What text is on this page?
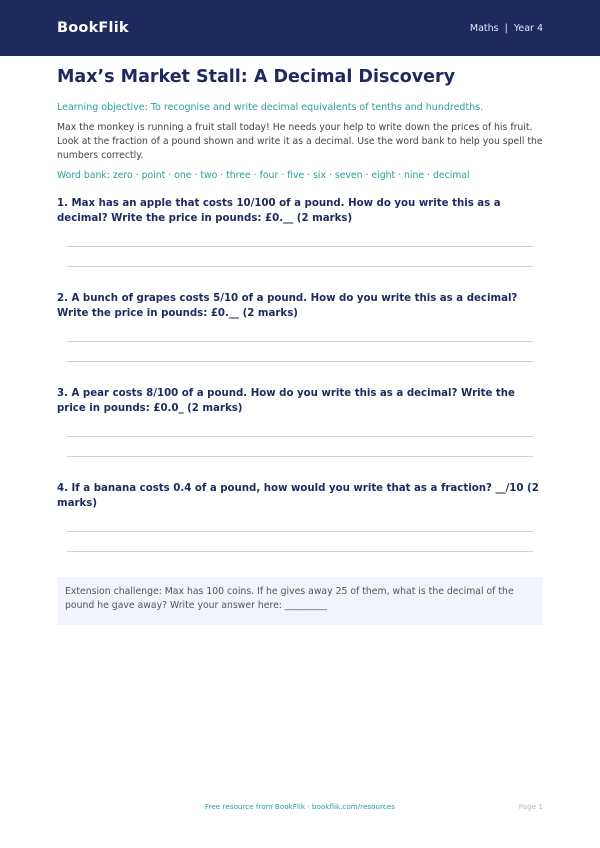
BookFlik	Maths | Year 4
Max’s Market Stall: A Decimal Discovery

Learning objective: To recognise and write decimal equivalents of tenths and hundredths.

Max the monkey is running a fruit stall today! He needs your help to write down the prices of his fruit. Look at the fraction of a pound shown and write it as a decimal. Use the word bank to help you spell the numbers correctly.

Word bank: zero · point · one · two · three · four · five · six · seven · eight · nine · decimal

1. Max has an apple that costs 10/100 of a pound. How do you write this as a decimal? Write the price in pounds: £0.__ (2 marks)

2. A bunch of grapes costs 5/10 of a pound. How do you write this as a decimal? Write the price in pounds: £0.__ (2 marks)

3. A pear costs 8/100 of a pound. How do you write this as a decimal? Write the price in pounds: £0.0_ (2 marks)

4. If a banana costs 0.4 of a pound, how would you write that as a fraction? __/10 (2 marks)

Extension challenge: Max has 100 coins. If he gives away 25 of them, what is the decimal of the pound he gave away? Write your answer here: _________
Free resource from BookFlik · bookflik.com/resources	Page 1
